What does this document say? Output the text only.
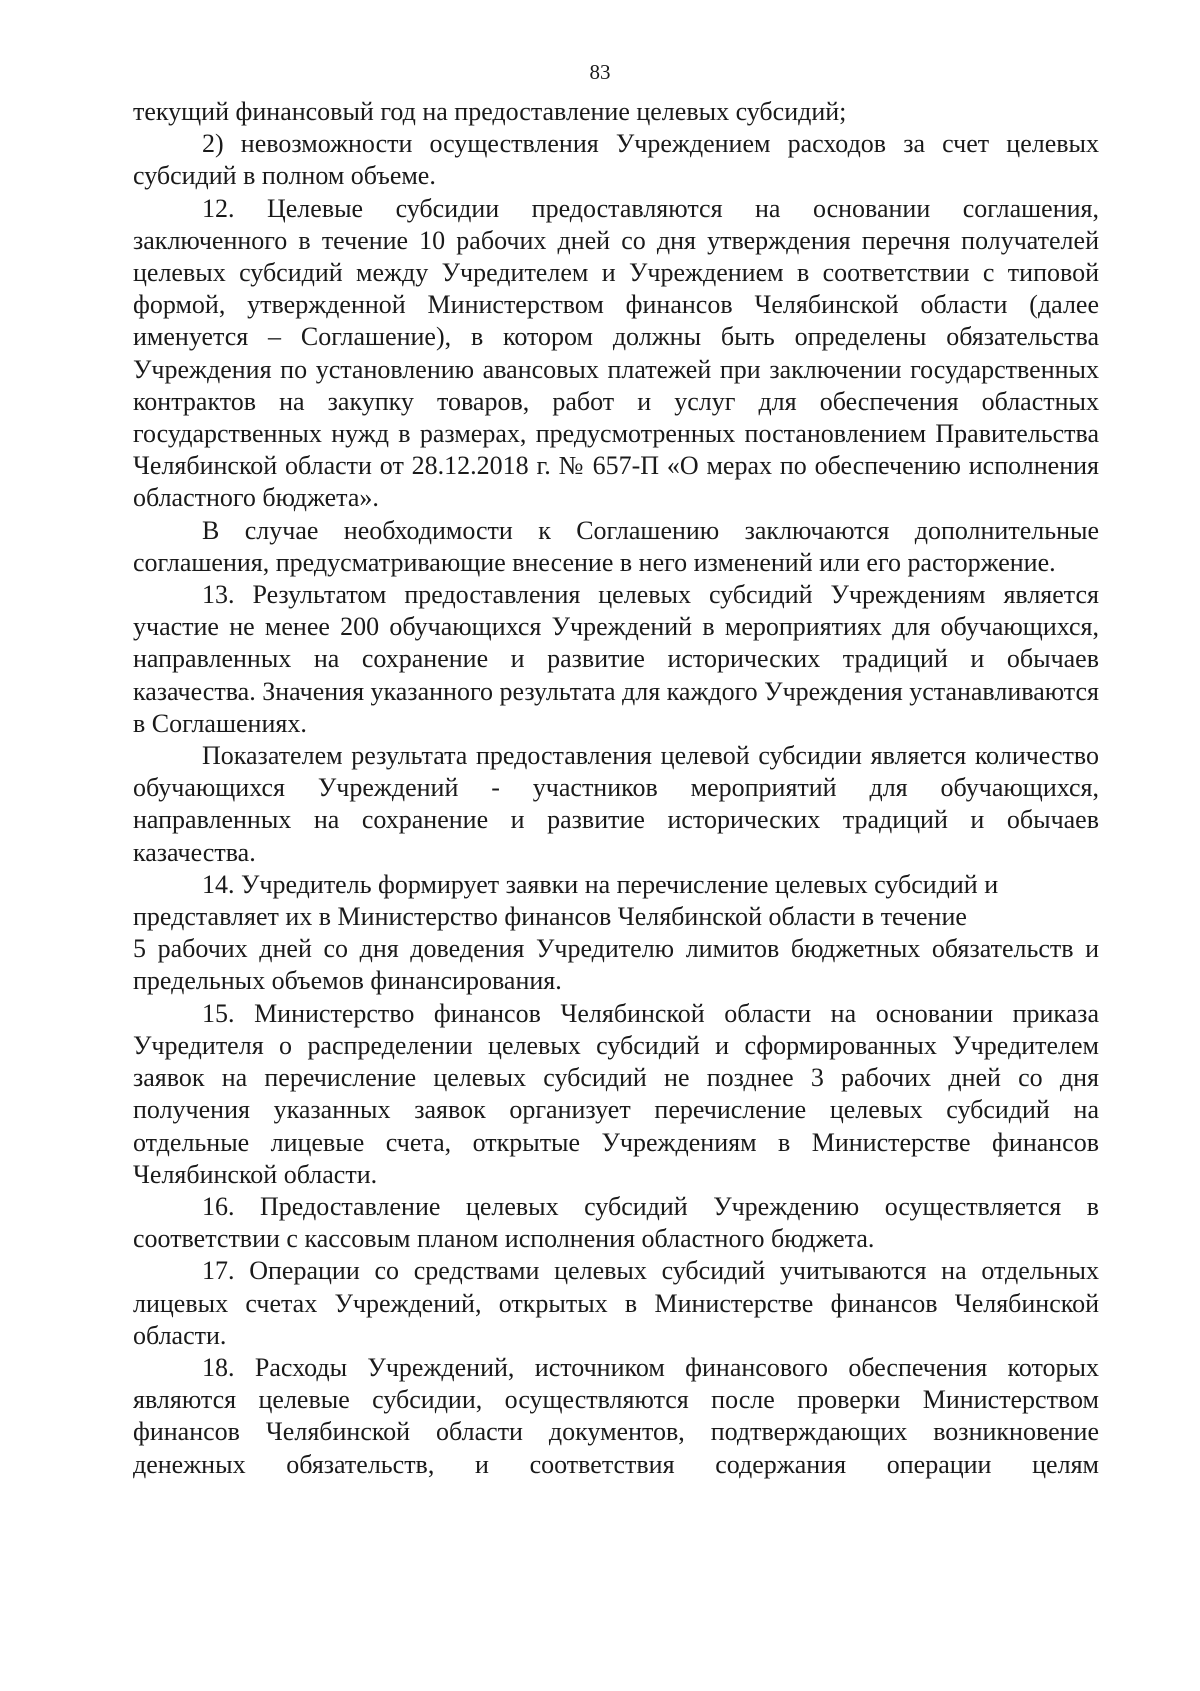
83

текущий финансовый год на предоставление целевых субсидий;

2) невозможности осуществления Учреждением расходов за счет целевых субсидий в полном объеме.

12. Целевые субсидии предоставляются на основании соглашения, заключенного в течение 10 рабочих дней со дня утверждения перечня получателей целевых субсидий между Учредителем и Учреждением в соответствии с типовой формой, утвержденной Министерством финансов Челябинской области (далее именуется – Соглашение), в котором должны быть определены обязательства Учреждения по установлению авансовых платежей при заключении государственных контрактов на закупку товаров, работ и услуг для обеспечения областных государственных нужд в размерах, предусмотренных постановлением Правительства Челябинской области от 28.12.2018 г. № 657-П «О мерах по обеспечению исполнения областного бюджета».

В случае необходимости к Соглашению заключаются дополнительные соглашения, предусматривающие внесение в него изменений или его расторжение.

13. Результатом предоставления целевых субсидий Учреждениям является участие не менее 200 обучающихся Учреждений в мероприятиях для обучающихся, направленных на сохранение и развитие исторических традиций и обычаев казачества. Значения указанного результата для каждого Учреждения устанавливаются в Соглашениях.

Показателем результата предоставления целевой субсидии является количество обучающихся Учреждений - участников мероприятий для обучающихся, направленных на сохранение и развитие исторических традиций и обычаев казачества.

14. Учредитель формирует заявки на перечисление целевых субсидий и представляет их в Министерство финансов Челябинской области в течение

5 рабочих дней со дня доведения Учредителю лимитов бюджетных обязательств и предельных объемов финансирования.

15. Министерство финансов Челябинской области на основании приказа Учредителя о распределении целевых субсидий и сформированных Учредителем заявок на перечисление целевых субсидий не позднее 3 рабочих дней со дня получения указанных заявок организует перечисление целевых субсидий на отдельные лицевые счета, открытые Учреждениям в Министерстве финансов Челябинской области.

16. Предоставление целевых субсидий Учреждению осуществляется в соответствии с кассовым планом исполнения областного бюджета.

17. Операции со средствами целевых субсидий учитываются на отдельных лицевых счетах Учреждений, открытых в Министерстве финансов Челябинской области.

18. Расходы Учреждений, источником финансового обеспечения которых являются целевые субсидии, осуществляются после проверки Министерством финансов Челябинской области документов, подтверждающих возникновение денежных обязательств, и соответствия содержания операции целям
